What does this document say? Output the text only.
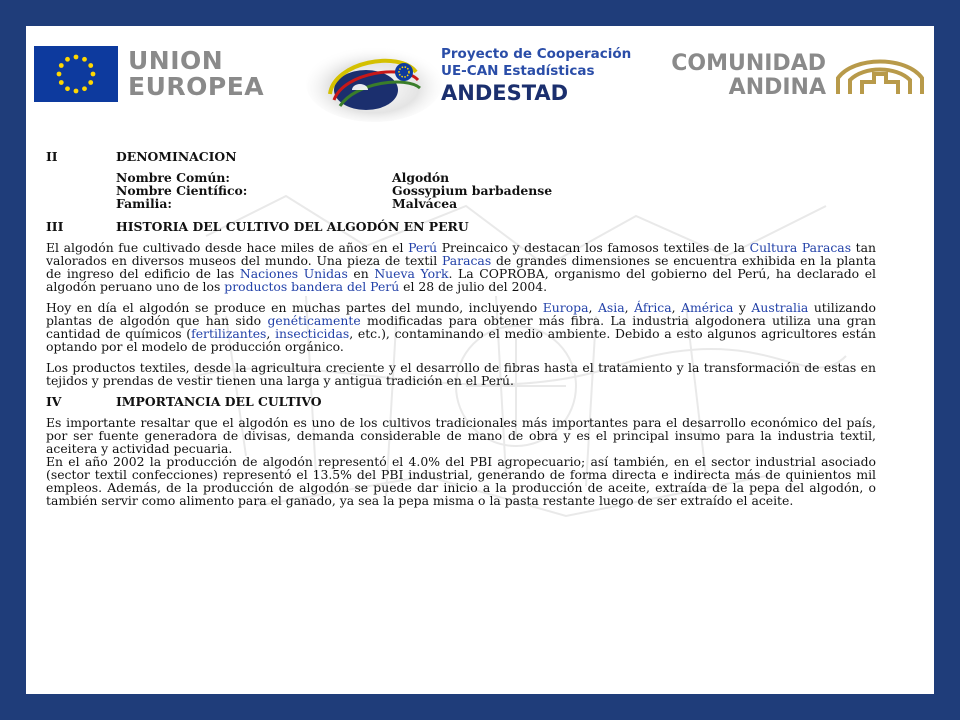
UNION
EUROPEA
Proyecto de Cooperación
UE-CAN Estadísticas
ANDESTAD
COMUNIDAD
ANDINA
II	DENOMINACION
Nombre Común:	Algodón
Nombre Científico:	Gossypium barbadense
Familia:	Malvácea
III	HISTORIA DEL CULTIVO DEL ALGODÓN EN PERU

El algodón fue cultivado desde hace miles de años en el Perú Preincaico y destacan los famosos textiles de la Cultura Paracas tan valorados en diversos museos del mundo. Una pieza de textil Paracas de grandes dimensiones se encuentra exhibida en la planta de ingreso del edificio de las Naciones Unidas en Nueva York. La COPROBA, organismo del gobierno del Perú, ha declarado el algodón peruano uno de los productos bandera del Perú el 28 de julio del 2004.

Hoy en día el algodón se produce en muchas partes del mundo, incluyendo Europa, Asia, África, América y Australia utilizando plantas de algodón que han sido genéticamente modificadas para obtener más fibra. La industria algodonera utiliza una gran cantidad de químicos (fertilizantes, insecticidas, etc.), contaminando el medio ambiente. Debido a esto algunos agricultores están optando por el modelo de producción orgánico.

Los productos textiles, desde la agricultura creciente y el desarrollo de fibras hasta el tratamiento y la transformación de estas en tejidos y prendas de vestir tienen una larga y antigua tradición en el Perú.

IV	IMPORTANCIA DEL CULTIVO

Es importante resaltar que el algodón es uno de los cultivos tradicionales más importantes para el desarrollo económico del país, por ser fuente generadora de divisas, demanda considerable de mano de obra y es el principal insumo para la industria textil, aceitera y actividad pecuaria.

En el año 2002 la producción de algodón representó el 4.0% del PBI agropecuario; así también, en el sector industrial asociado (sector textil confecciones) representó el 13.5% del PBI industrial, generando de forma directa e indirecta más de quinientos mil empleos. Además, de la producción de algodón se puede dar inicio a la producción de aceite, extraída de la pepa del algodón, o también servir como alimento para el ganado, ya sea la pepa misma o la pasta restante luego de ser extraído el aceite.
